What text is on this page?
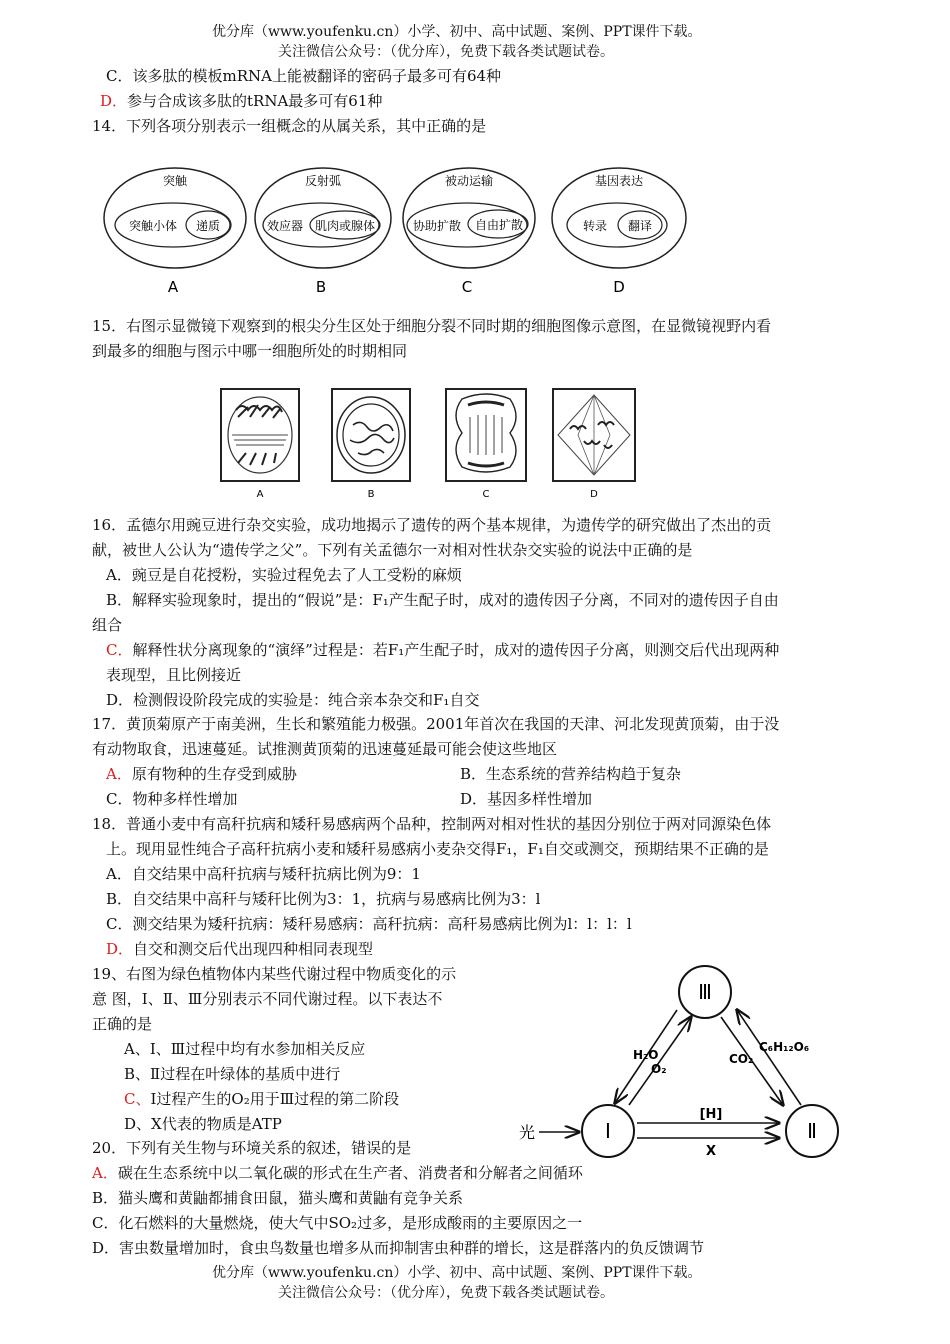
优分库（www.youfenku.cn）小学、初中、高中试题、案例、PPT课件下载。
关注微信公众号：（优分库），免费下载各类试题试卷。
C．该多肽的模板mRNA上能被翻译的密码子最多可有64种
D．参与合成该多肽的tRNA最多可有61种
14．下列各项分别表示一组概念的从属关系，其中正确的是
突触
突触小体 递质
A
反射弧
效应器 肌肉或腺体
B
被动运输
协助扩散 自由扩散
C
基因表达
转录 翻译
D
15．右图示显微镜下观察到的根尖分生区处于细胞分裂不同时期的细胞图像示意图，在显微镜视野内看
到最多的细胞与图示中哪一细胞所处的时期相同
A	B	C	D
16．孟德尔用豌豆进行杂交实验，成功地揭示了遗传的两个基本规律，为遗传学的研究做出了杰出的贡
献，被世人公认为“遗传学之父”。下列有关孟德尔一对相对性状杂交实验的说法中正确的是
A．豌豆是自花授粉，实验过程免去了人工受粉的麻烦
B．解释实验现象时，提出的“假说”是：F₁产生配子时，成对的遗传因子分离，不同对的遗传因子自由
组合
C．解释性状分离现象的“演绎”过程是：若F₁产生配子时，成对的遗传因子分离，则测交后代出现两种
表现型，且比例接近
D．检测假设阶段完成的实验是：纯合亲本杂交和F₁自交
17．黄顶菊原产于南美洲，生长和繁殖能力极强。2001年首次在我国的天津、河北发现黄顶菊，由于没
有动物取食，迅速蔓延。试推测黄顶菊的迅速蔓延最可能会使这些地区
A．原有物种的生存受到威胁	B．生态系统的营养结构趋于复杂
C．物种多样性增加	D．基因多样性增加
18．普通小麦中有高秆抗病和矮秆易感病两个品种，控制两对相对性状的基因分别位于两对同源染色体
上。现用显性纯合子高秆抗病小麦和矮秆易感病小麦杂交得F₁，F₁自交或测交，预期结果不正确的是
A．自交结果中高秆抗病与矮秆抗病比例为9：1
B．自交结果中高秆与矮秆比例为3：1，抗病与易感病比例为3：l
C．测交结果为矮秆抗病：矮秆易感病：高秆抗病：高秆易感病比例为l：l：l：l
D．自交和测交后代出现四种相同表现型
19、右图为绿色植物体内某些代谢过程中物质变化的示
意 图，Ⅰ、Ⅱ、Ⅲ分别表示不同代谢过程。以下表达不
正确的是
A、Ⅰ、Ⅲ过程中均有水参加相关反应
B、Ⅱ过程在叶绿体的基质中进行
C、Ⅰ过程产生的O₂用于Ⅲ过程的第二阶段
D、X代表的物质是ATP
Ⅲ
Ⅰ	Ⅱ
光
H₂O
O₂
CO₂
C₆H₁₂O₆
[H]
X
20．下列有关生物与环境关系的叙述，错误的是
A．碳在生态系统中以二氧化碳的形式在生产者、消费者和分解者之间循环
B．猫头鹰和黄鼬都捕食田鼠，猫头鹰和黄鼬有竞争关系
C．化石燃料的大量燃烧，使大气中SO₂过多，是形成酸雨的主要原因之一
D．害虫数量增加时，食虫鸟数量也增多从而抑制害虫种群的增长，这是群落内的负反馈调节
优分库（www.youfenku.cn）小学、初中、高中试题、案例、PPT课件下载。
关注微信公众号：（优分库），免费下载各类试题试卷。
